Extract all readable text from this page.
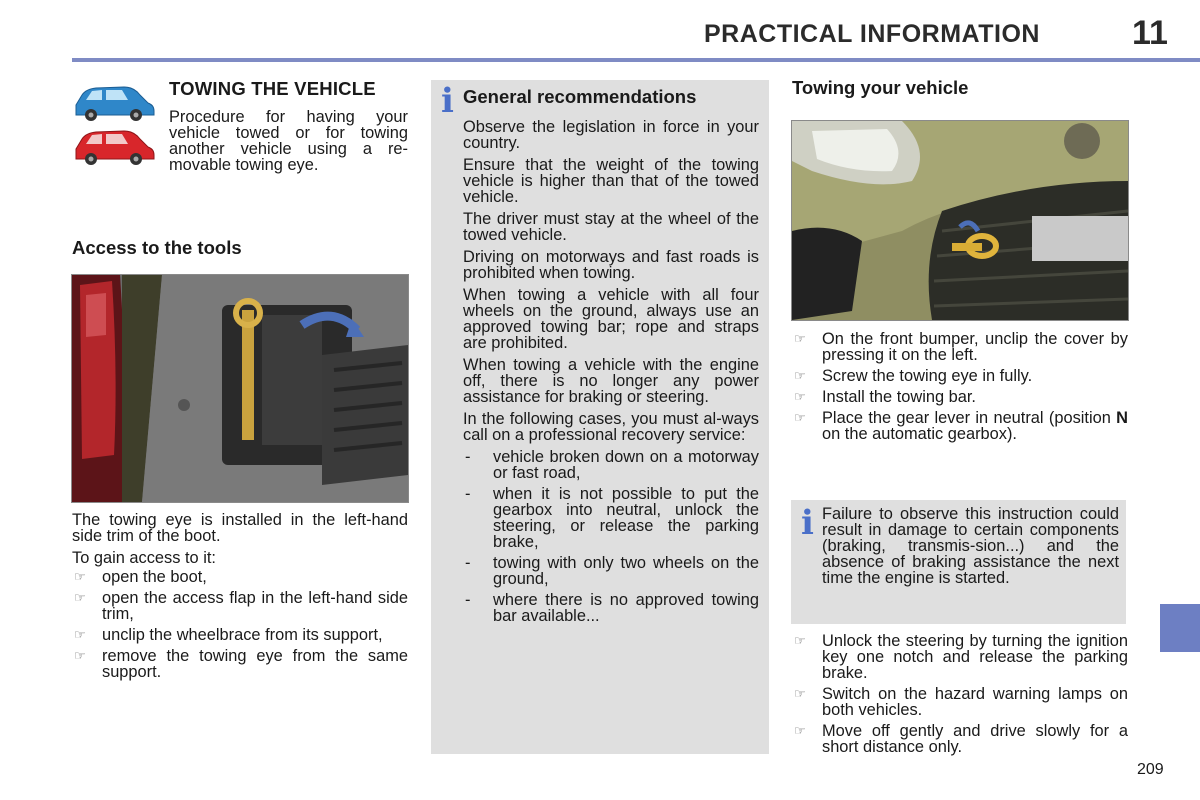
PRACTICAL INFORMATION	11
209
TOWING THE VEHICLE

Procedure for having your vehicle towed or for towing another vehicle using a re-movable towing eye.

Access to the tools

The towing eye is installed in the left-hand side trim of the boot.

To gain access to it:

☞ open the boot,
☞ open the access flap in the left-hand side trim,
☞ unclip the wheelbrace from its support,
☞ remove the towing eye from the same support.
i General recommendations

Observe the legislation in force in your country.

Ensure that the weight of the towing vehicle is higher than that of the towed vehicle.

The driver must stay at the wheel of the towed vehicle.

Driving on motorways and fast roads is prohibited when towing.

When towing a vehicle with all four wheels on the ground, always use an approved towing bar; rope and straps are prohibited.

When towing a vehicle with the engine off, there is no longer any power assistance for braking or steering.

In the following cases, you must al-ways call on a professional recovery service:

- vehicle broken down on a motorway or fast road,
- when it is not possible to put the gearbox into neutral, unlock the steering, or release the parking brake,
- towing with only two wheels on the ground,
- where there is no approved towing bar available...
Towing your vehicle
☞ On the front bumper, unclip the cover by pressing it on the left.
☞ Screw the towing eye in fully.
☞ Install the towing bar.
☞ Place the gear lever in neutral (position N on the automatic gearbox).
i Failure to observe this instruction could result in damage to certain components (braking, transmis-sion...) and the absence of braking assistance the next time the engine is started.

☞ Unlock the steering by turning the ignition key one notch and release the parking brake.
☞ Switch on the hazard warning lamps on both vehicles.
☞ Move off gently and drive slowly for a short distance only.
